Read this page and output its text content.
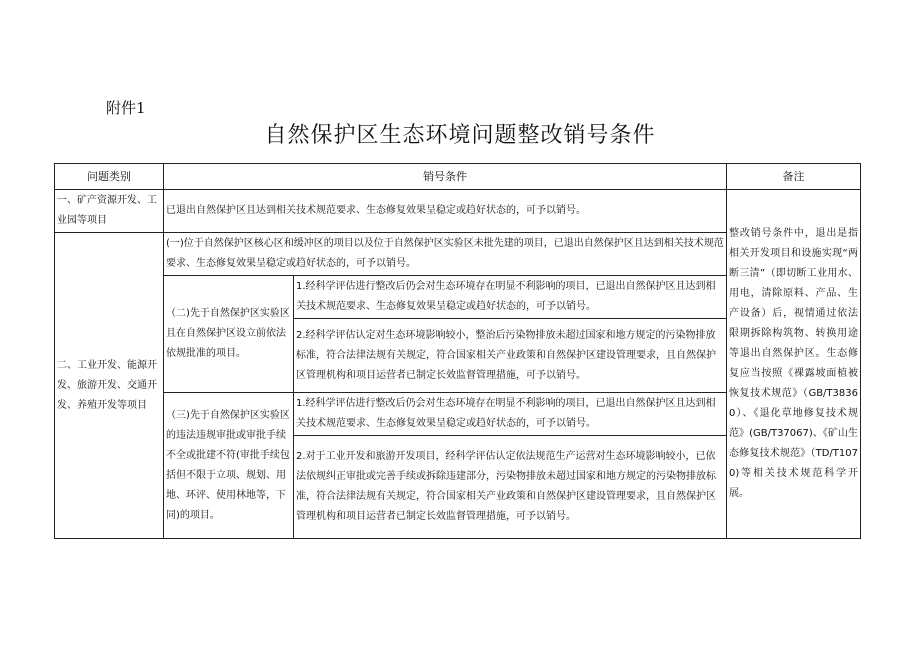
附件1
自然保护区生态环境问题整改销号条件
问题类别	销号条件		备注
一、矿产资源开发、工业园等项目	已退出自然保护区且达到相关技术规范要求、生态修复效果呈稳定或趋好状态的，可予以销号。		整改销号条件中，退出是指相关开发项目和设施实现“两断三清”（即切断工业用水、用电，清除原料、产品、生产设备）后，视情通过依法限期拆除构筑物、转换用途等退出自然保护区。生态修复应当按照《裸露坡面植被恢复技术规范》（GB/T38360）、《退化草地修复技术规范》(GB/T37067)、《矿山生态修复技术规范》（TD/T1070)等相关技术规范科学开展。
二、工业开发、能源开发、旅游开发、交通开发、养殖开发等项目	(一)位于自然保护区核心区和缓冲区的项目以及位于自然保护区实验区未批先建的项目，已退出自然保护区且达到相关技术规范要求、生态修复效果呈稳定或趋好状态的，可予以销号。		
	（二)先于自然保护区实验区且在自然保护区设立前依法依规批准的项目。	1.经科学评估进行整改后仍会对生态环境存在明显不利影响的项目，已退出自然保护区且达到相关技术规范要求、生态修复效果呈稳定或趋好状态的，可予以销号。	
		2.经科学评估认定对生态环境影响较小，整治后污染物排放未超过国家和地方规定的污染物排放标准，符合法律法规有关规定，符合国家相关产业政策和自然保护区建设管理要求，且自然保护区管理机构和项目运营者已制定长效监督管理措施，可予以销号。	
	（三)先于自然保护区实验区的违法违规审批或审批手续不全或批建不符(审批手续包括但不限于立项、规划、用地、环评、使用林地等，下同)的项目。	1.经科学评估进行整改后仍会对生态环境存在明显不利影响的项目，已退出自然保护区且达到相关技术规范要求、生态修复效果呈稳定或趋好状态的，可予以销号。	
		2.对于工业开发和旅游开发项目，经科学评估认定依法规范生产运营对生态环境影响较小，已依法依规纠正审批或完善手续或拆除违建部分，污染物排放未超过国家和地方规定的污染物排放标准，符合法律法规有关规定，符合国家相关产业政策和自然保护区建设管理要求，且自然保护区管理机构和项目运营者已制定长效监督管理措施，可予以销号。	
